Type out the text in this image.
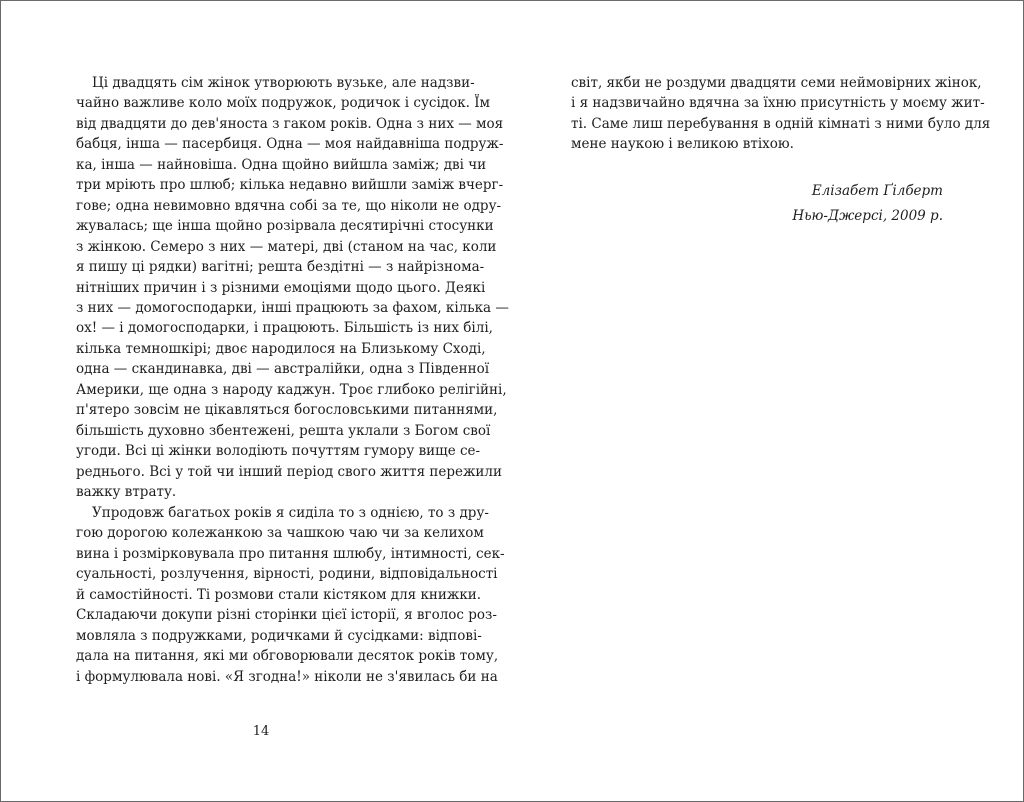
Ці двадцять сім жінок утворюють вузьке, але надзви-
чайно важливе коло моїх подружок, родичок і сусідок. Їм
від двадцяти до дев'яноста з гаком років. Одна з них — моя
бабця, інша — пасербиця. Одна — моя найдавніша подруж-
ка, інша — найновіша. Одна щойно вийшла заміж; дві чи
три мріють про шлюб; кілька недавно вийшли заміж вчерг-
гове; одна невимовно вдячна собі за те, що ніколи не одру-
жувалась; ще інша щойно розірвала десятирічні стосунки
з жінкою. Семеро з них — матері, дві (станом на час, коли
я пишу ці рядки) вагітні; решта бездітні — з найрізнома-
нітніших причин і з різними емоціями щодо цього. Деякі
з них — домогосподарки, інші працюють за фахом, кілька —
ох! — і домогосподарки, і працюють. Більшість із них білі,
кілька темношкірі; двоє народилося на Близькому Сході,
одна — скандинавка, дві — австралійки, одна з Південної
Америки, ще одна з народу каджун. Троє глибоко релігійні,
п'ятеро зовсім не цікавляться богословськими питаннями,
більшість духовно збентежені, решта уклали з Богом свої
угоди. Всі ці жінки володіють почуттям гумору вище се-
реднього. Всі у той чи інший період свого життя пережили
важку втрату.
Упродовж багатьох років я сиділа то з однією, то з дру-
гою дорогою колежанкою за чашкою чаю чи за келихом
вина і розмірковувала про питання шлюбу, інтимності, сек-
суальності, розлучення, вірності, родини, відповідальності
й самостійності. Ті розмови стали кістяком для книжки.
Складаючи докупи різні сторінки цієї історії, я вголос роз-
мовляла з подружками, родичками й сусідками: відпові-
дала на питання, які ми обговорювали десяток років тому,
і формулювала нові. «Я згодна!» ніколи не з'явилась би на
світ, якби не роздуми двадцяти семи неймовірних жінок,
і я надзвичайно вдячна за їхню присутність у моєму жит-
ті. Саме лиш перебування в одній кімнаті з ними було для
мене наукою і великою втіхою.
Елізабет Ґілберт
Нью-Джерсі, 2009 р.
14
